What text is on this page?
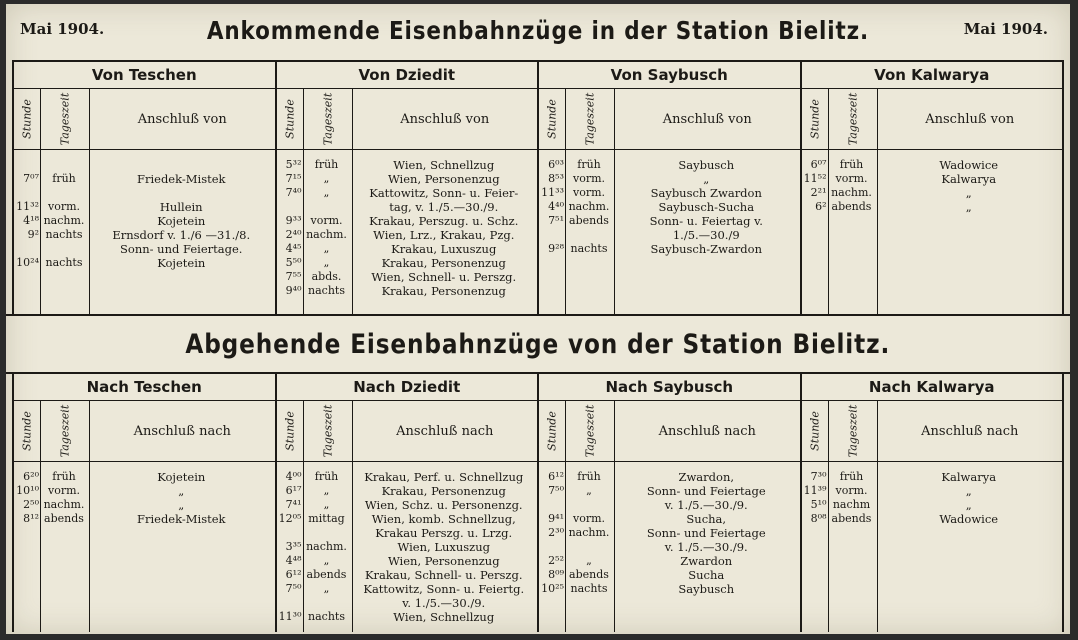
Mai 1904.	Ankommende Eisenbahnzüge in der Station Bielitz.	Mai 1904.
Von Teschen
Stunde Tageszeit	Anschluß von
7⁰⁷	früh	Friedek-Mistek
11³² vorm.	Hullein
4¹⁸ nachm.	Kojetein
9² nachts	Ernsdorf v. 1./6 —31./8.
Sonn- und Feiertage.
10²⁴ nachts	Kojetein
Von Dziedit
Stunde Tageszeit	Anschluß von
5³²	früh	Wien, Schnellzug
7¹⁵	„	Wien, Personenzug
7⁴⁰	„	Kattowitz, Sonn- u. Feier-
tag, v. 1./5.—30./9.
9³³ vorm.	Krakau, Perszug. u. Schz.
2⁴⁰ nachm.	Wien, Lrz., Krakau, Pzg.
4⁴⁵	„	Krakau, Luxuszug
5⁵⁰	„	Krakau, Personenzug
7⁵⁵ abds.	Wien, Schnell- u. Perszg.
9⁴⁰ nachts	Krakau, Personenzug
Von Saybusch
Stunde Tageszeit	Anschluß von
6⁰³	früh	Saybusch
8⁵³ vorm.	„
11³³ vorm.	Saybusch Zwardon
4⁴⁰ nachm.	Saybusch-Sucha
7⁵¹ abends	Sonn- u. Feiertag v.
1./5.—30./9
9²⁸ nachts	Saybusch-Zwardon
Von Kalwarya
Stunde Tageszeit	Anschluß von
6⁰⁷	früh	Wadowice
11⁵² vorm.	Kalwarya
2²¹ nachm.	„
6² abends	„
Abgehende Eisenbahnzüge von der Station Bielitz.
Nach Teschen
Stunde Tageszeit	Anschluß nach
6²⁰	früh	Kojetein
10¹⁰ vorm.	„
2⁵⁰ nachm.	„
8¹² abends	Friedek-Mistek
Nach Dziedit
Stunde Tageszeit	Anschluß nach
4⁰⁰	früh	Krakau, Perf. u. Schnellzug
6¹⁷	„	Krakau, Personenzug
7⁴¹	„	Wien, Schz. u. Personenzg.
12⁰⁵ mittag	Wien, komb. Schnellzug,
Krakau Perszg. u. Lrzg.
3³⁵ nachm.	Wien, Luxuszug
4⁴⁸	„	Wien, Personenzug
6¹² abends	Krakau, Schnell- u. Perszg.
7⁵⁰	„	Kattowitz, Sonn- u. Feiertg.
v. 1./5.—30./9.
11³⁰ nachts	Wien, Schnellzug
Nach Saybusch
Stunde Tageszeit	Anschluß nach
6¹²	früh	Zwardon,
7⁵⁰	„	Sonn- und Feiertage
v. 1./5.—30./9.
9⁴¹ vorm.	Sucha,
2³⁰ nachm.	Sonn- und Feiertage
v. 1./5.—30./9.
2⁵²	„	Zwardon
8⁰⁹ abends	Sucha
10²⁵ nachts	Saybusch
Nach Kalwarya
Stunde Tageszeit	Anschluß nach
7³⁰	früh	Kalwarya
11³⁹ vorm.	„
5¹⁰ nachm	„
8⁰⁸ abends	Wadowice
